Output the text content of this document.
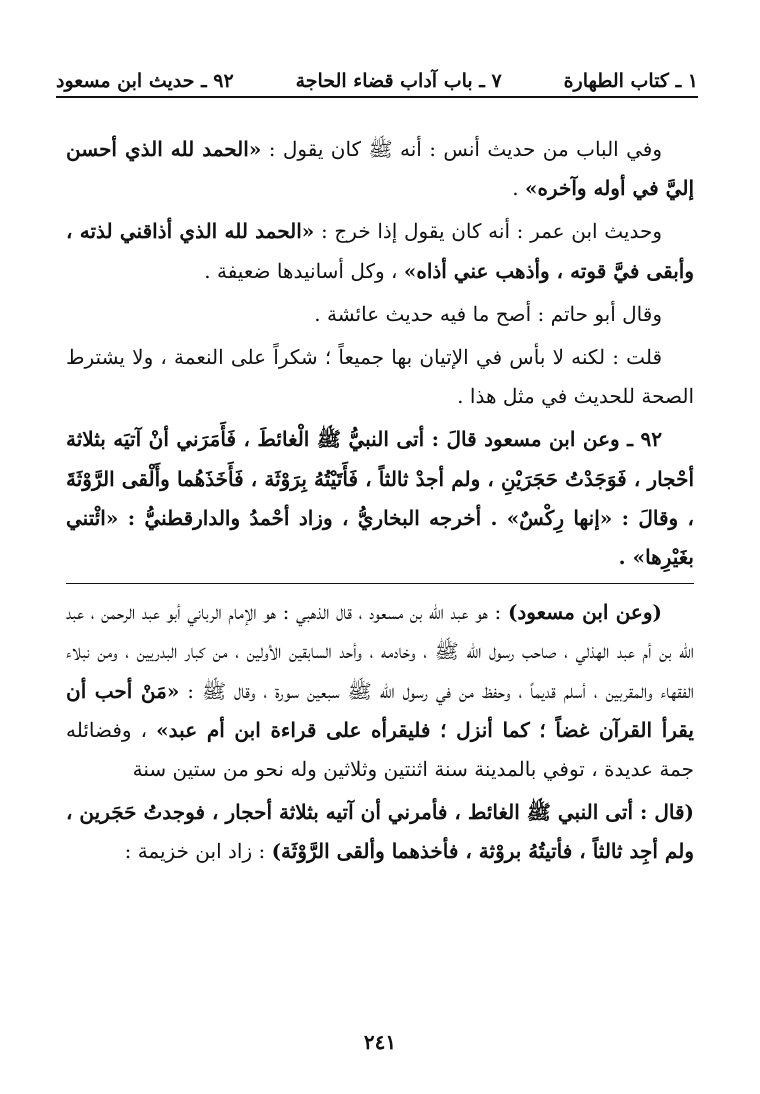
١ ـ كتاب الطهارة
٧ ـ باب آداب قضاء الحاجة
٩٢ ـ حديث ابن مسعود

وفي الباب من حديث أنس : أنه ﷺ كان يقول : «الحمد لله الذي أحسن إليَّ في أوله وآخره» .

وحديث ابن عمر : أنه كان يقول إذا خرج : «الحمد لله الذي أذاقني لذته ، وأبقى فيَّ قوته ، وأذهب عني أذاه» ، وكل أسانيدها ضعيفة .

وقال أبو حاتم : أصح ما فيه حديث عائشة .

قلت : لكنه لا بأس في الإتيان بها جميعاً ؛ شكراً على النعمة ، ولا يشترط الصحة للحديث في مثل هذا .

٩٢ ـ وعن ابن مسعود قالَ : أتى النبيُّ ﷺ الْغائطَ ، فَأَمَرَني أنْ آتيَه بثلاثة أحْجار ، فَوَجَدْتُ حَجَرَيْنِ ، ولم أجدْ ثالثاً ، فَأَتَيْتُهُ بِرَوْثَة ، فَأَخَذَهُما وأَلْقى الرَّوْثَةَ ، وقالَ : «إنها رِكْسٌ» . أخرجه البخاريُّ ، وزاد أحْمدُ والدارقطنيُّ : «ائْتني بغَيْرِها» .

(وعن ابن مسعود) : هو عبد الله بن مسعود ، قال الذهبي : هو الإمام الرباني أبو عبد الرحمن ، عبد الله بن أم عبد الهذلي ، صاحب رسول الله ﷺ ، وخادمه ، وأحد السابقين الأولين ، من كبار البدريين ، ومن نبلاء الفقهاء والمقربين ، أسلم قديماً ، وحفظ من في رسول الله ﷺ سبعين سورة ، وقال ﷺ : «مَنْ أحب أن يقرأ القرآن غضاً ؛ كما أنزل ؛ فليقرأه على قراءة ابن أم عبد» ، وفضائله جمة عديدة ، توفي بالمدينة سنة اثنتين وثلاثين وله نحو من ستين سنة

(قال : أتى النبي ﷺ الغائط ، فأمرني أن آتيه بثلاثة أحجار ، فوجدتُ حَجَرين ، ولم أجِد ثالثاً ، فأتيتُهُ بروْثة ، فأخذهما وألقى الرَّوْثَة) : زاد ابن خزيمة :

٢٤١
